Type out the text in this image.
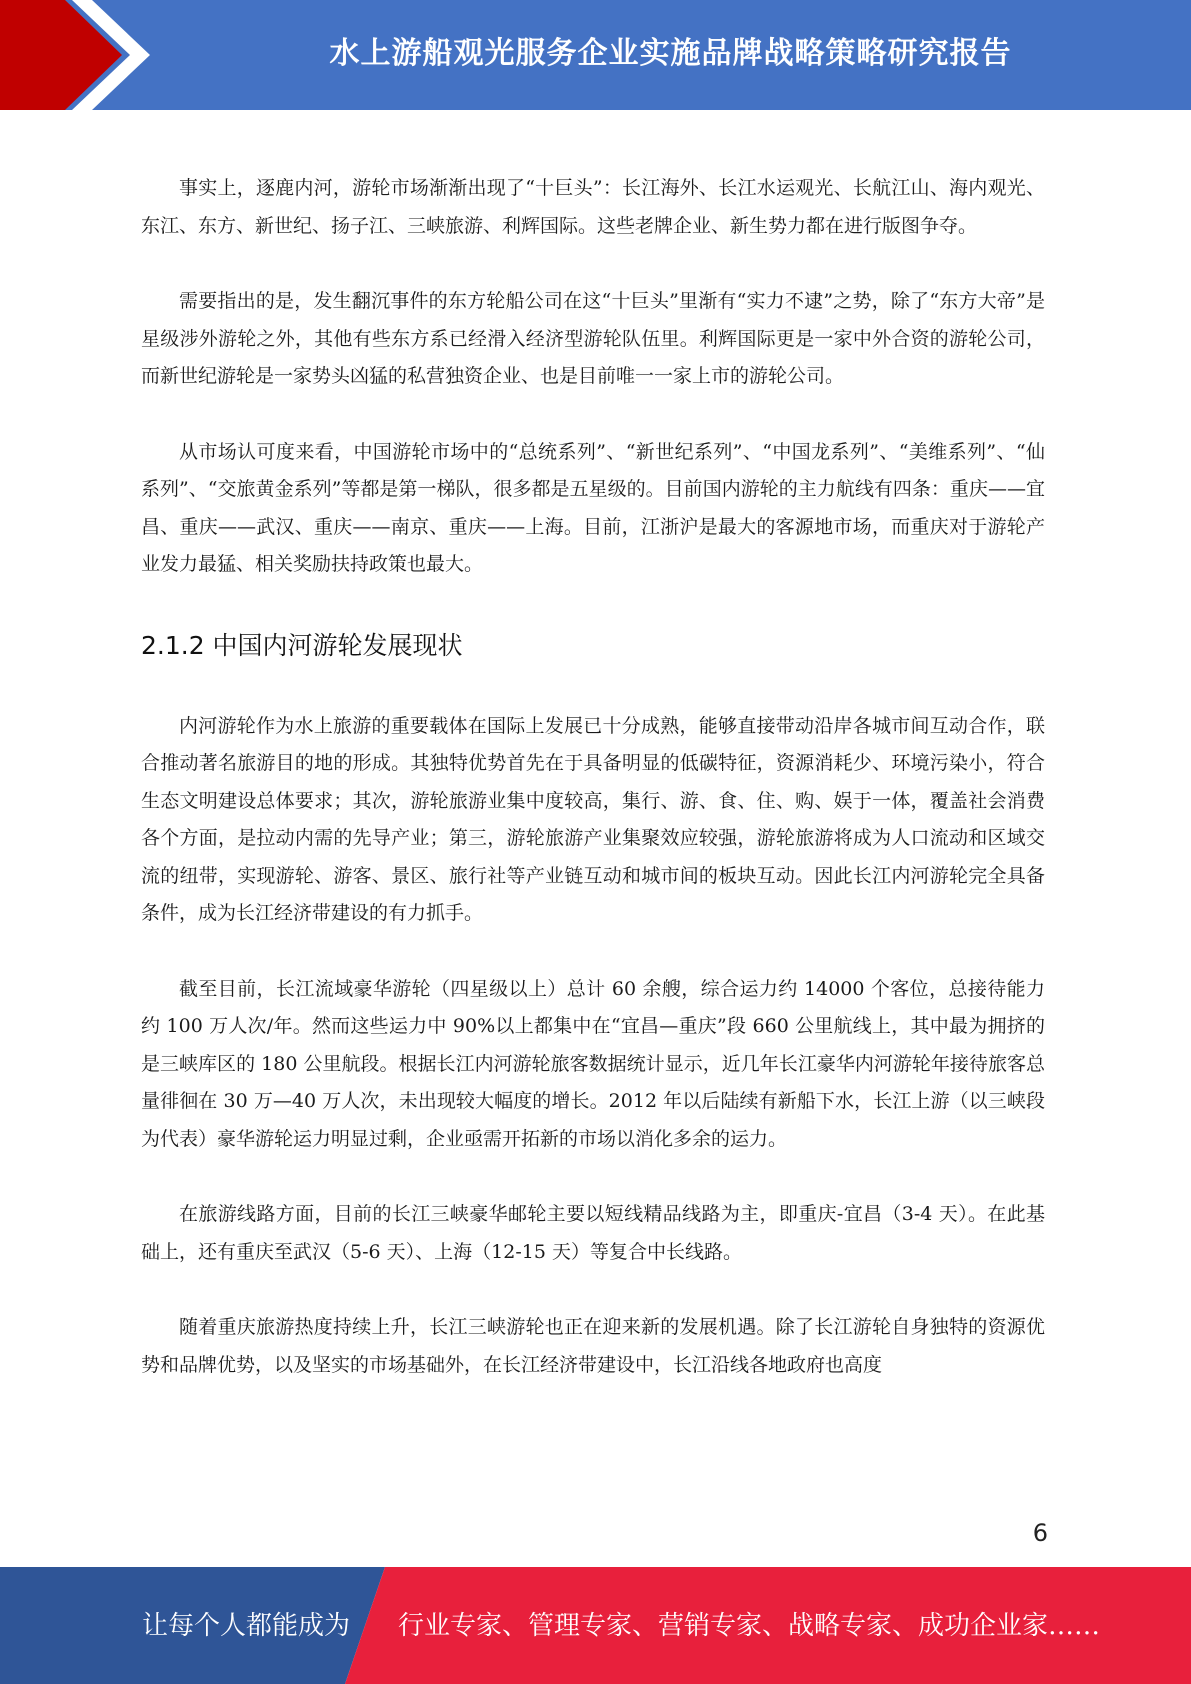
水上游船观光服务企业实施品牌战略策略研究报告

事实上，逐鹿内河，游轮市场渐渐出现了“十巨头”：长江海外、长江水运观光、长航江山、海内观光、东江、东方、新世纪、扬子江、三峡旅游、利辉国际。这些老牌企业、新生势力都在进行版图争夺。

需要指出的是，发生翻沉事件的东方轮船公司在这“十巨头”里渐有“实力不逮”之势，除了“东方大帝”是星级涉外游轮之外，其他有些东方系已经滑入经济型游轮队伍里。利辉国际更是一家中外合资的游轮公司，而新世纪游轮是一家势头凶猛的私营独资企业、也是目前唯一一家上市的游轮公司。

从市场认可度来看，中国游轮市场中的“总统系列”、“新世纪系列”、“中国龙系列”、“美维系列”、“仙系列”、“交旅黄金系列”等都是第一梯队，很多都是五星级的。目前国内游轮的主力航线有四条：重庆——宜昌、重庆——武汉、重庆——南京、重庆——上海。目前，江浙沪是最大的客源地市场，而重庆对于游轮产业发力最猛、相关奖励扶持政策也最大。

2.1.2 中国内河游轮发展现状

内河游轮作为水上旅游的重要载体在国际上发展已十分成熟，能够直接带动沿岸各城市间互动合作，联合推动著名旅游目的地的形成。其独特优势首先在于具备明显的低碳特征，资源消耗少、环境污染小，符合生态文明建设总体要求；其次，游轮旅游业集中度较高，集行、游、食、住、购、娱于一体，覆盖社会消费各个方面，是拉动内需的先导产业；第三，游轮旅游产业集聚效应较强，游轮旅游将成为人口流动和区域交流的纽带，实现游轮、游客、景区、旅行社等产业链互动和城市间的板块互动。因此长江内河游轮完全具备条件，成为长江经济带建设的有力抓手。

截至目前，长江流域豪华游轮（四星级以上）总计 60 余艘，综合运力约 14000 个客位，总接待能力约 100 万人次/年。然而这些运力中 90%以上都集中在“宜昌—重庆”段 660 公里航线上，其中最为拥挤的是三峡库区的 180 公里航段。根据长江内河游轮旅客数据统计显示，近几年长江豪华内河游轮年接待旅客总量徘徊在 30 万—40 万人次，未出现较大幅度的增长。2012 年以后陆续有新船下水，长江上游（以三峡段为代表）豪华游轮运力明显过剩，企业亟需开拓新的市场以消化多余的运力。

在旅游线路方面，目前的长江三峡豪华邮轮主要以短线精品线路为主，即重庆-宜昌（3-4 天）。在此基础上，还有重庆至武汉（5-6 天）、上海（12-15 天）等复合中长线路。

随着重庆旅游热度持续上升，长江三峡游轮也正在迎来新的发展机遇。除了长江游轮自身独特的资源优势和品牌优势，以及坚实的市场基础外，在长江经济带建设中，长江沿线各地政府也高度

6
让每个人都能成为 行业专家、管理专家、营销专家、战略专家、成功企业家……
